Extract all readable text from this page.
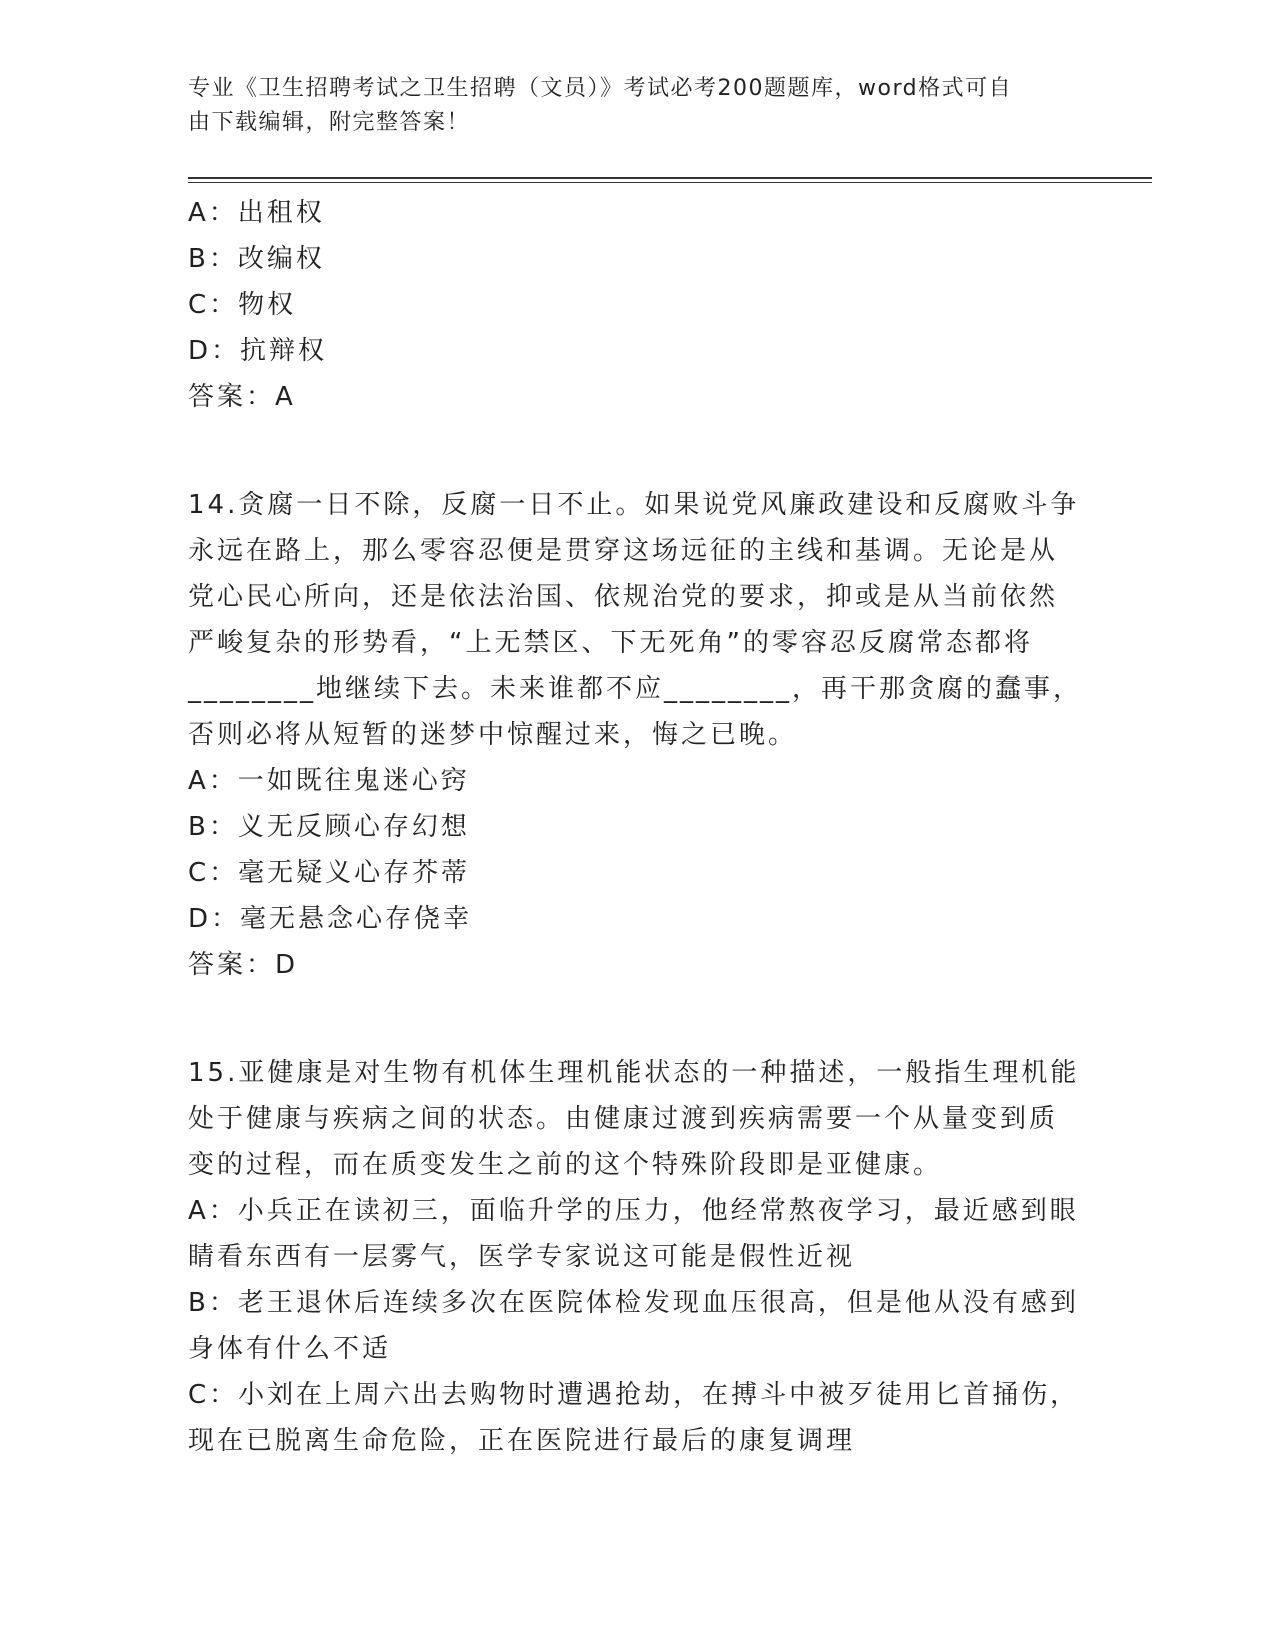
专业《卫生招聘考试之卫生招聘（文员）》考试必考200题题库，word格式可自
由下载编辑，附完整答案！
A：出租权
B：改编权
C：物权
D：抗辩权
答案：A
14.贪腐一日不除，反腐一日不止。如果说党风廉政建设和反腐败斗争
永远在路上，那么零容忍便是贯穿这场远征的主线和基调。无论是从
党心民心所向，还是依法治国、依规治党的要求，抑或是从当前依然
严峻复杂的形势看，“上无禁区、下无死角”的零容忍反腐常态都将
________地继续下去。未来谁都不应________，再干那贪腐的蠢事，
否则必将从短暂的迷梦中惊醒过来，悔之已晚。
A：一如既往鬼迷心窍
B：义无反顾心存幻想
C：毫无疑义心存芥蒂
D：毫无悬念心存侥幸
答案：D
15.亚健康是对生物有机体生理机能状态的一种描述，一般指生理机能
处于健康与疾病之间的状态。由健康过渡到疾病需要一个从量变到质
变的过程，而在质变发生之前的这个特殊阶段即是亚健康。
A：小兵正在读初三，面临升学的压力，他经常熬夜学习，最近感到眼
睛看东西有一层雾气，医学专家说这可能是假性近视
B：老王退休后连续多次在医院体检发现血压很高，但是他从没有感到
身体有什么不适
C：小刘在上周六出去购物时遭遇抢劫，在搏斗中被歹徒用匕首捅伤，
现在已脱离生命危险，正在医院进行最后的康复调理
